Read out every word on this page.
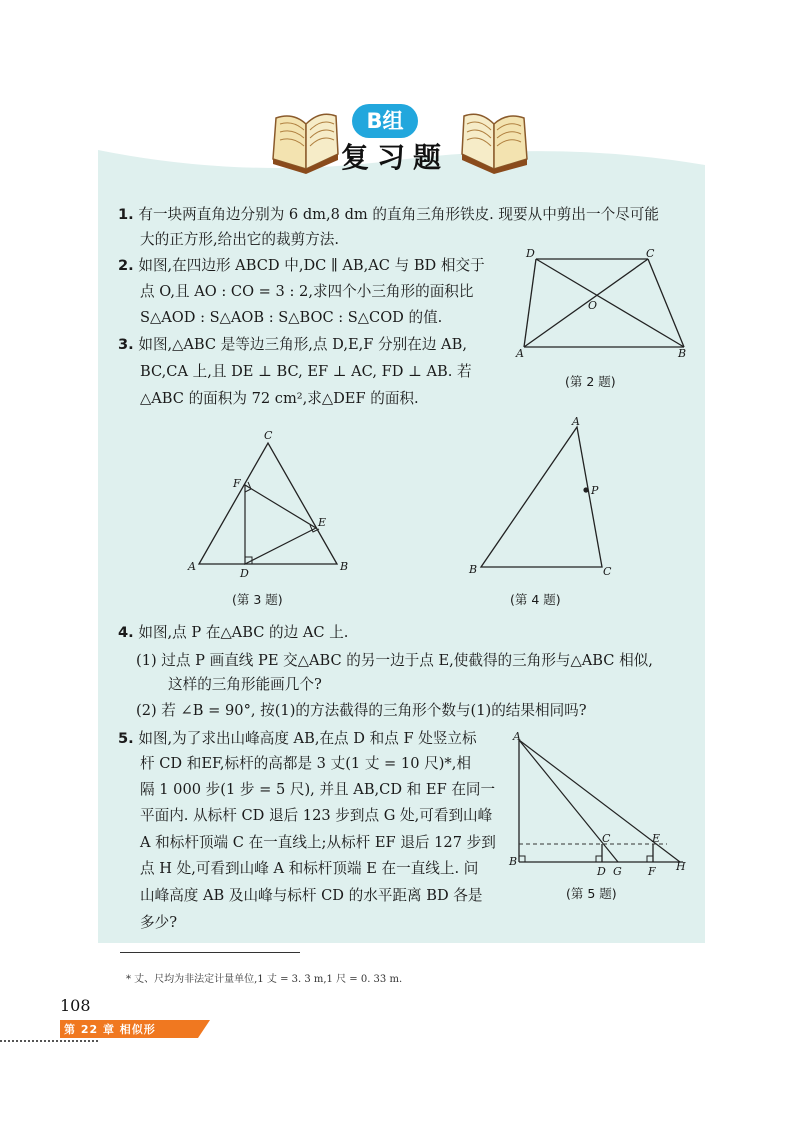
B组
复习题
1. 有一块两直角边分别为 6 dm,8 dm 的直角三角形铁皮. 现要从中剪出一个尽可能
大的正方形,给出它的裁剪方法.
2. 如图,在四边形 ABCD 中,DC ∥ AB,AC 与 BD 相交于
点 O,且 AO : CO = 3 : 2,求四个小三角形的面积比
S△AOD : S△AOB : S△BOC : S△COD 的值.
3. 如图,△ABC 是等边三角形,点 D,E,F 分别在边 AB,
BC,CA 上,且 DE ⊥ BC, EF ⊥ AC, FD ⊥ AB. 若
△ABC 的面积为 72 cm²,求△DEF 的面积.
D	C
O
A	B
(第 2 题)
C
F
E
A
D
B
(第 3 题)
A
P
B	C
(第 4 题)
4. 如图,点 P 在△ABC 的边 AC 上.
(1) 过点 P 画直线 PE 交△ABC 的另一边于点 E,使截得的三角形与△ABC 相似,
这样的三角形能画几个?
(2) 若 ∠B = 90°, 按(1)的方法截得的三角形个数与(1)的结果相同吗?
5. 如图,为了求出山峰高度 AB,在点 D 和点 F 处竖立标
杆 CD 和EF,标杆的高都是 3 丈(1 丈 = 10 尺)*,相
隔 1 000 步(1 步 = 5 尺), 并且 AB,CD 和 EF 在同一
平面内. 从标杆 CD 退后 123 步到点 G 处,可看到山峰
A 和标杆顶端 C 在一直线上;从标杆 EF 退后 127 步到
点 H 处,可看到山峰 A 和标杆顶端 E 在一直线上. 问
山峰高度 AB 及山峰与标杆 CD 的水平距离 BD 各是
多少?
A
C	E
B
D G F H
(第 5 题)
* 丈、尺均为非法定计量单位,1 丈 = 3. 3̇ m,1 尺 = 0. 33̇ m.
108
第 22 章 相似形
